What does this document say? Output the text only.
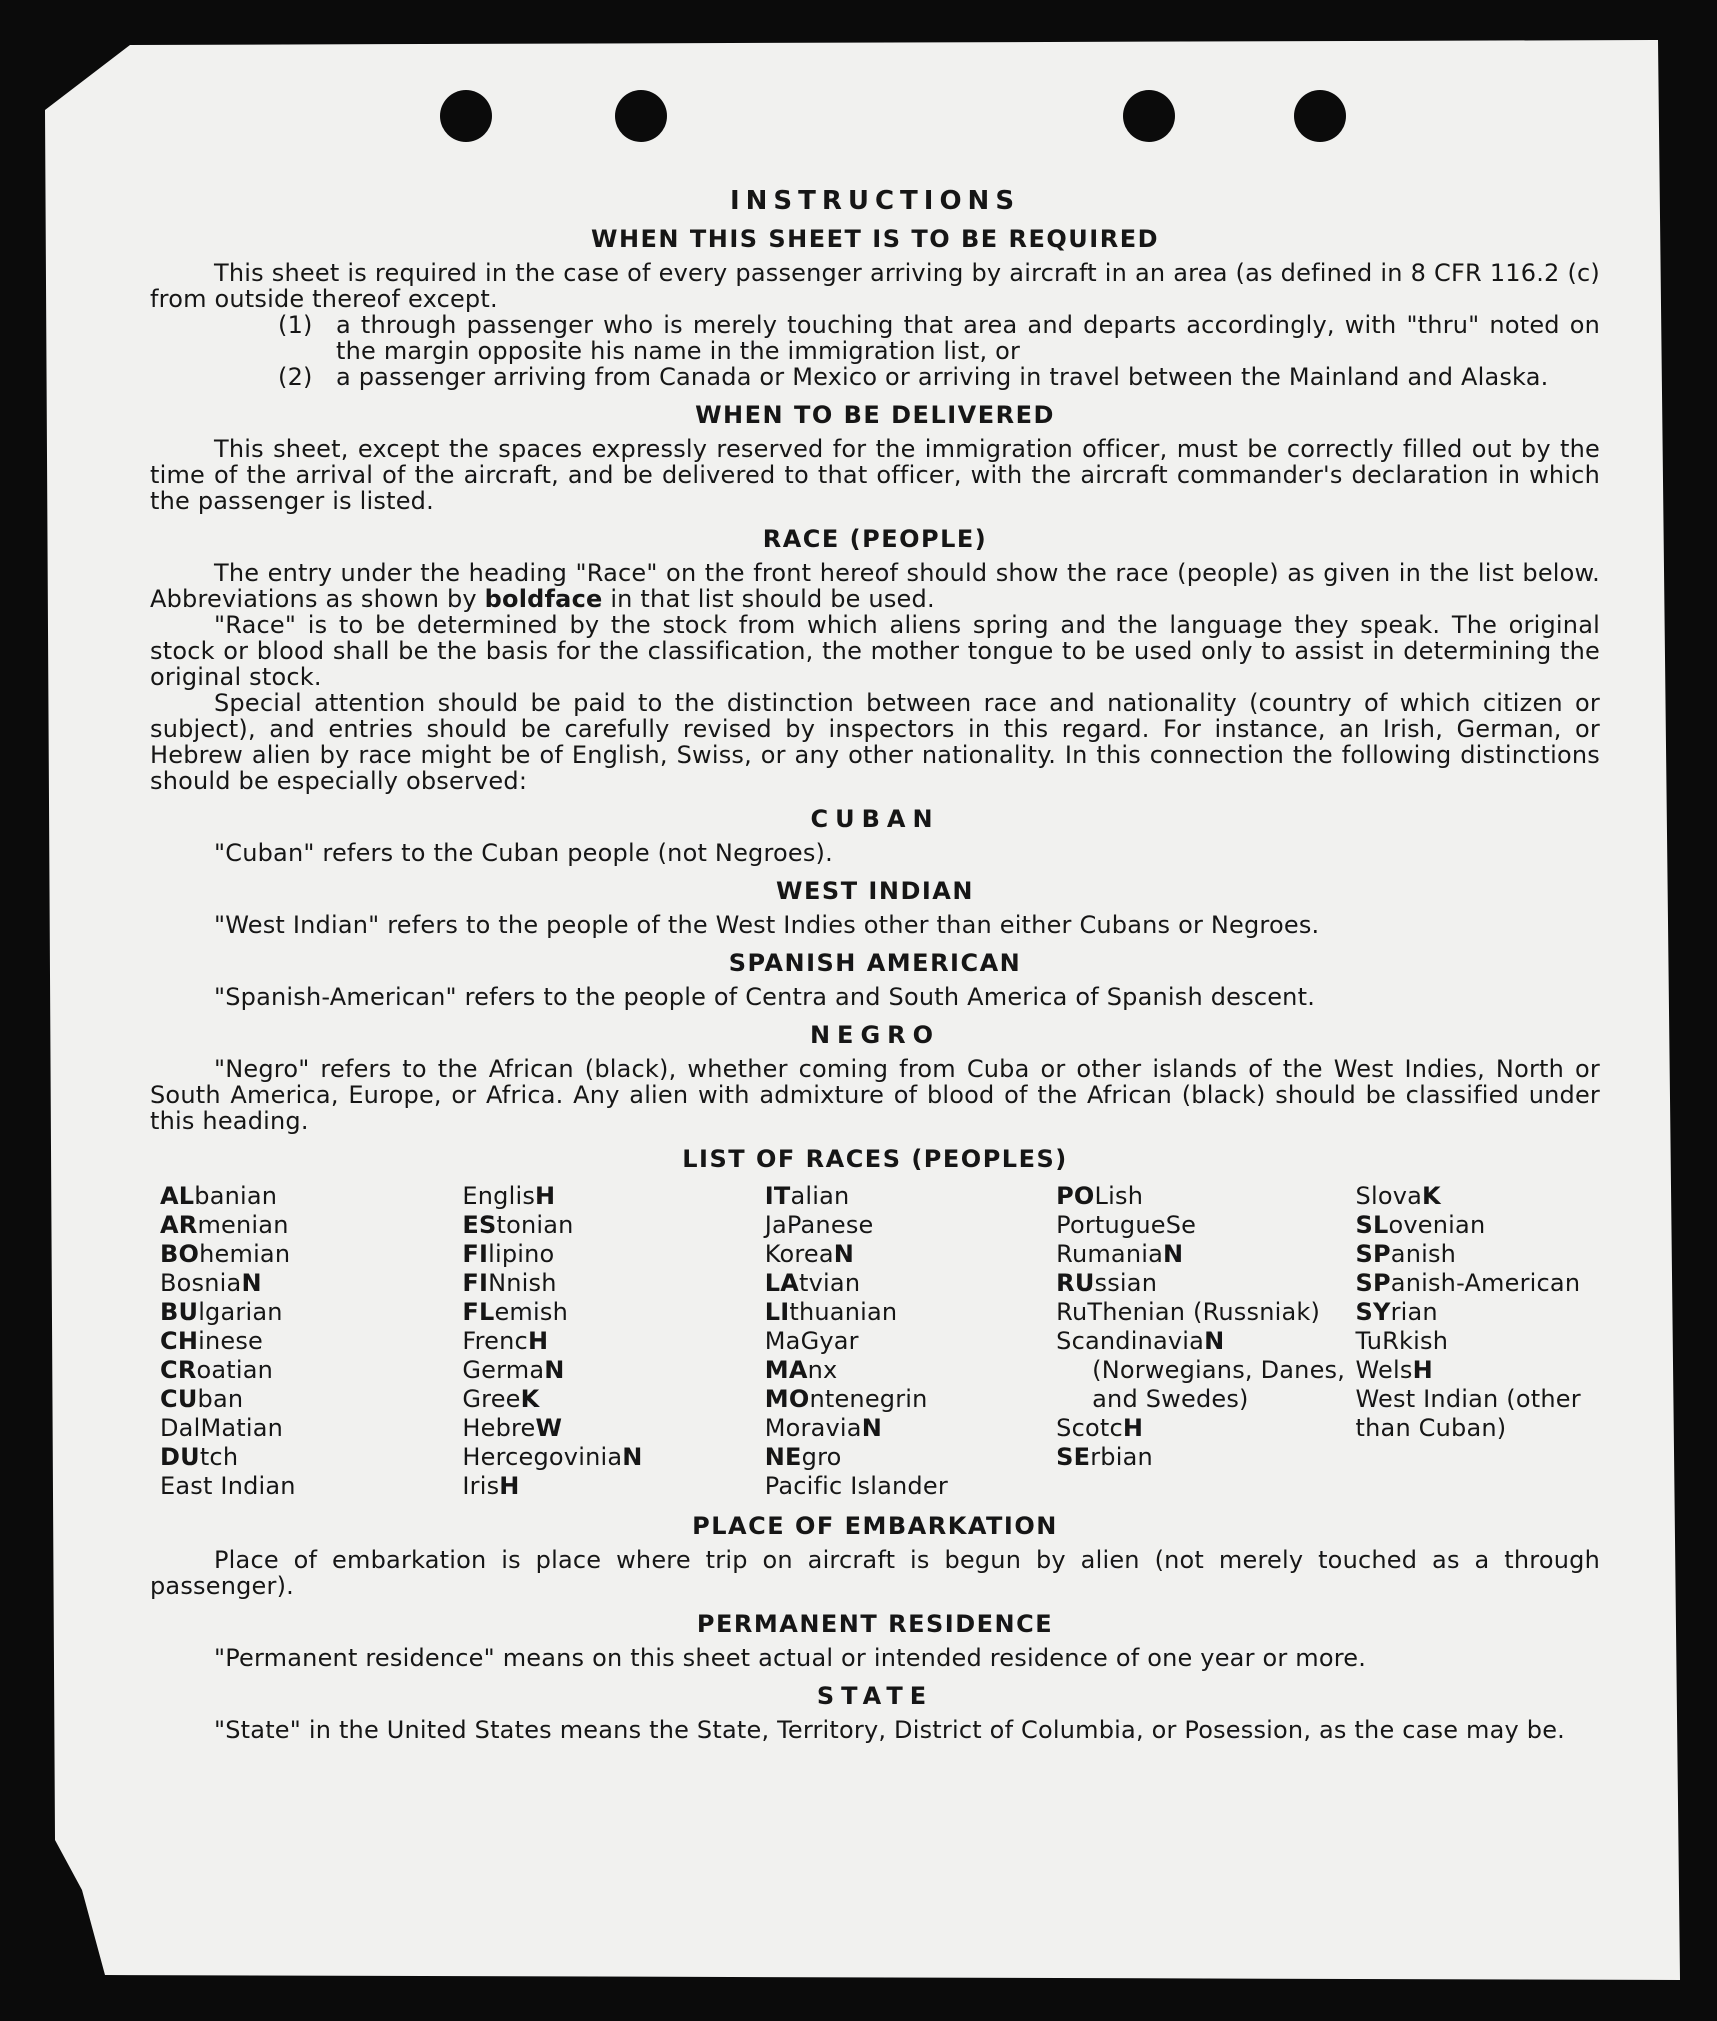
INSTRUCTIONS
WHEN THIS SHEET IS TO BE REQUIRED

This sheet is required in the case of every passenger arriving by aircraft in an area (as defined in 8 CFR 116.2 (c) from outside thereof except.

(1) a through passenger who is merely touching that area and departs accordingly, with "thru" noted on the margin opposite his name in the immigration list, or
(2) a passenger arriving from Canada or Mexico or arriving in travel between the Mainland and Alaska.
WHEN TO BE DELIVERED

This sheet, except the spaces expressly reserved for the immigration officer, must be correctly filled out by the time of the arrival of the aircraft, and be delivered to that officer, with the aircraft commander's declaration in which the passenger is listed.

RACE (PEOPLE)

The entry under the heading "Race" on the front hereof should show the race (people) as given in the list below. Abbreviations as shown by boldface in that list should be used.

"Race" is to be determined by the stock from which aliens spring and the language they speak. The original stock or blood shall be the basis for the classification, the mother tongue to be used only to assist in determining the original stock.

Special attention should be paid to the distinction between race and nationality (country of which citizen or subject), and entries should be carefully revised by inspectors in this regard. For instance, an Irish, German, or Hebrew alien by race might be of English, Swiss, or any other nationality. In this connection the following distinctions should be especially observed:

CUBAN

"Cuban" refers to the Cuban people (not Negroes).

WEST INDIAN

"West Indian" refers to the people of the West Indies other than either Cubans or Negroes.

SPANISH AMERICAN

"Spanish-American" refers to the people of Centra and South America of Spanish descent.

NEGRO

"Negro" refers to the African (black), whether coming from Cuba or other islands of the West Indies, North or South America, Europe, or Africa. Any alien with admixture of blood of the African (black) should be classified under this heading.

LIST OF RACES (PEOPLES)
ALbanian
ARmenian
BOhemian
BosniaN
BUlgarian
CHinese
CRoatian
CUban
DalMatian
DUtch
East Indian
EnglisH
EStonian
FIlipino
FINnish
FLemish
FrencH
GermaN
GreeK
HebreW
HercegoviniaN
IrisH
ITalian
JaPanese
KoreaN
LAtvian
LIthuanian
MaGyar
MAnx
MOntenegrin
MoraviaN
NEgro
Pacific Islander
POLish
PortugueSe
RumaniaN
RUssian
RuThenian (Russniak)
ScandinaviaN
(Norwegians, Danes, and Swedes)
ScotcH
SErbian
SlovaK
SLovenian
SPanish
SPanish-American
SYrian
TuRkish
WelsH
West Indian (other than Cuban)
PLACE OF EMBARKATION

Place of embarkation is place where trip on aircraft is begun by alien (not merely touched as a through passenger).

PERMANENT RESIDENCE

"Permanent residence" means on this sheet actual or intended residence of one year or more.

STATE

"State" in the United States means the State, Territory, District of Columbia, or Posession, as the case may be.
